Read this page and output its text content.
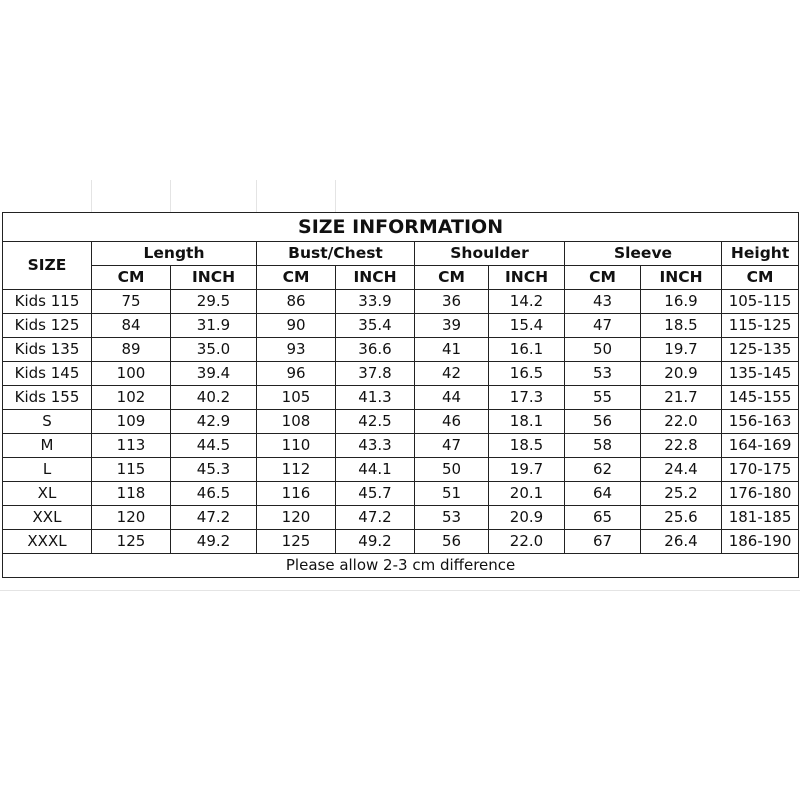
SIZE INFORMATION									
SIZE	Length		Bust/Chest		Shoulder		Sleeve		Height
	CM	INCH	CM	INCH	CM	INCH	CM	INCH	CM
Kids 115	75	29.5	86	33.9	36	14.2	43	16.9	105-115
Kids 125	84	31.9	90	35.4	39	15.4	47	18.5	115-125
Kids 135	89	35.0	93	36.6	41	16.1	50	19.7	125-135
Kids 145	100	39.4	96	37.8	42	16.5	53	20.9	135-145
Kids 155	102	40.2	105	41.3	44	17.3	55	21.7	145-155
S	109	42.9	108	42.5	46	18.1	56	22.0	156-163
M	113	44.5	110	43.3	47	18.5	58	22.8	164-169
L	115	45.3	112	44.1	50	19.7	62	24.4	170-175
XL	118	46.5	116	45.7	51	20.1	64	25.2	176-180
XXL	120	47.2	120	47.2	53	20.9	65	25.6	181-185
XXXL	125	49.2	125	49.2	56	22.0	67	26.4	186-190
Please allow 2-3 cm difference									
